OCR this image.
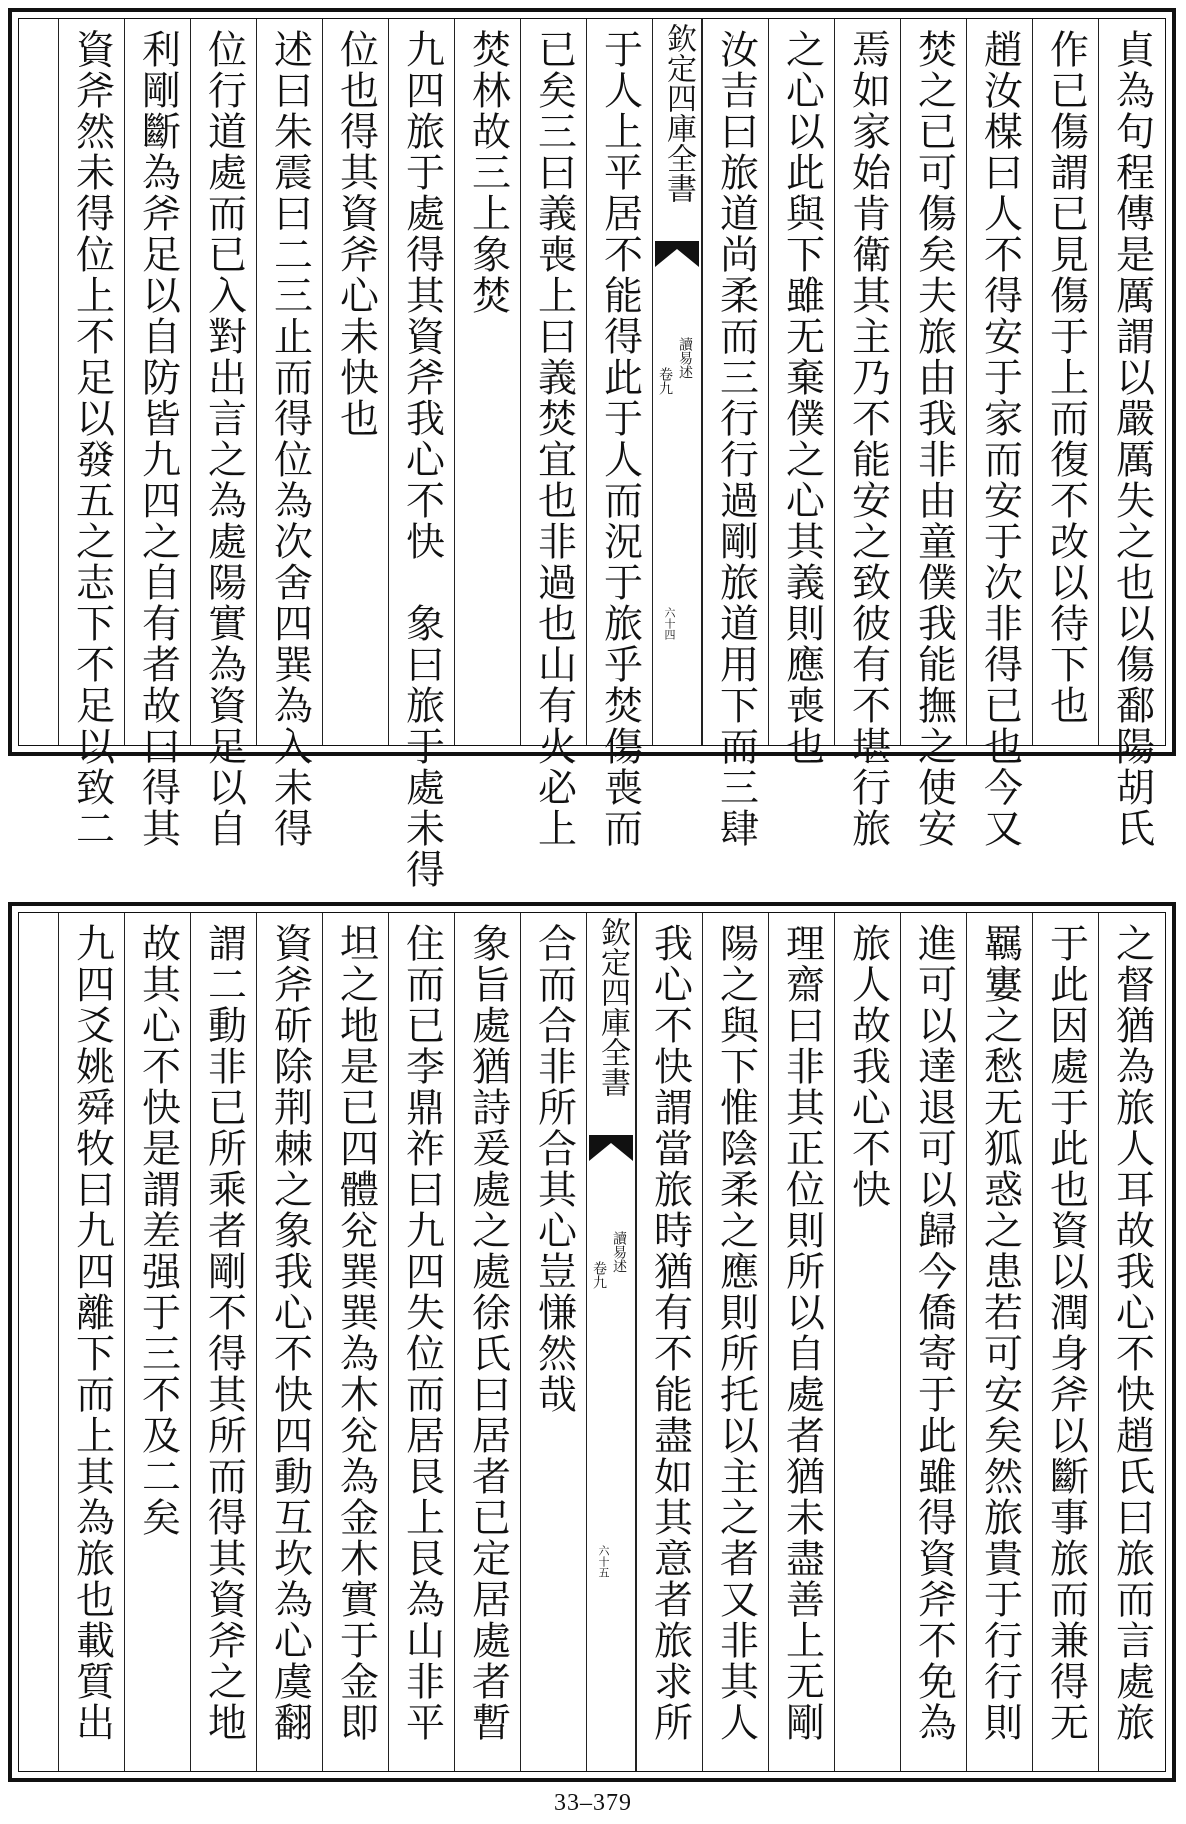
貞為句程傳是厲謂以嚴厲失之也以傷鄱陽胡氏
作已傷謂已見傷于上而復不改以待下也
趙汝楳曰人不得安于家而安于次非得已也今又
焚之已可傷矣夫旅由我非由童僕我能撫之使安
焉如家始肯衛其主乃不能安之致彼有不堪行旅
之心以此與下雖无棄僕之心其義則應喪也
汝吉曰旅道尚柔而三行行過剛旅道用下而三肆
欽定四庫全書
讀易述
卷九
六十四
于人上平居不能得此于人而況于旅乎焚傷喪而
已矣三曰義喪上曰義焚宜也非過也山有火必上
焚林故三上象焚
九四旅于處得其資斧我心不快　象曰旅于處未得
位也得其資斧心未快也
述曰朱震曰二三止而得位為次舍四巽為入未得
位行道處而已入對出言之為處陽實為資足以自
利剛斷為斧足以自防皆九四之自有者故曰得其
資斧然未得位上不足以發五之志下不足以致二
之督猶為旅人耳故我心不快趙氏曰旅而言處旅
于此因處于此也資以潤身斧以斷事旅而兼得无
羈寠之愁无狐惑之患若可安矣然旅貴于行行則
進可以達退可以歸今僑寄于此雖得資斧不免為
旅人故我心不快
理齋曰非其正位則所以自處者猶未盡善上无剛
陽之與下惟陰柔之應則所托以主之者又非其人
我心不快謂當旅時猶有不能盡如其意者旅求所
欽定四庫全書
讀易述
卷九
六十五
合而合非所合其心豈慊然哉
象旨處猶詩爰處之處徐氏曰居者已定居處者暫
住而已李鼎祚曰九四失位而居艮上艮為山非平
坦之地是已四體兊巽巽為木兊為金木實于金即
資斧斫除荆棘之象我心不快四動互坎為心虞翻
謂二動非已所乘者剛不得其所而得其資斧之地
故其心不快是謂差强于三不及二矣
九四爻姚舜牧曰九四離下而上其為旅也載質出
33–379
